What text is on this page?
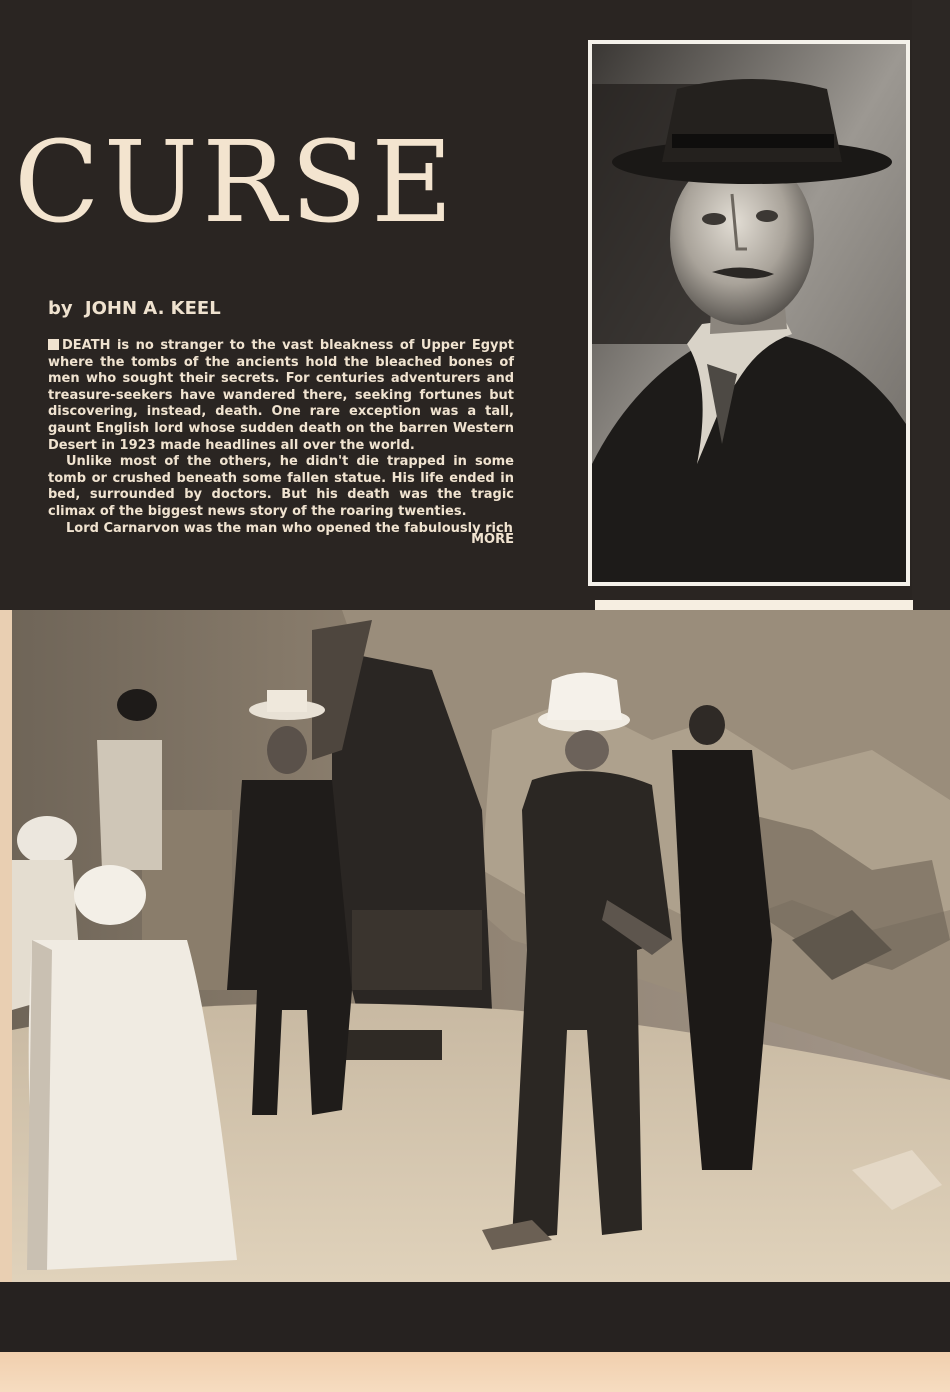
CURSE
by JOHN A. KEEL

DEATH is no stranger to the vast bleakness of Upper Egypt where the tombs of the ancients hold the bleached bones of men who sought their secrets. For centuries adventurers and treasure-seekers have wandered there, seeking fortunes but discovering, instead, death. One rare exception was a tall, gaunt English lord whose sudden death on the barren Western Desert in 1923 made headlines all over the world.

Unlike most of the others, he didn't die trapped in some tomb or crushed beneath some fallen statue. His life ended in bed, surrounded by doctors. But his death was the tragic climax of the biggest news story of the roaring twenties.

Lord Carnarvon was the man who opened the fabulously rich

MORE
